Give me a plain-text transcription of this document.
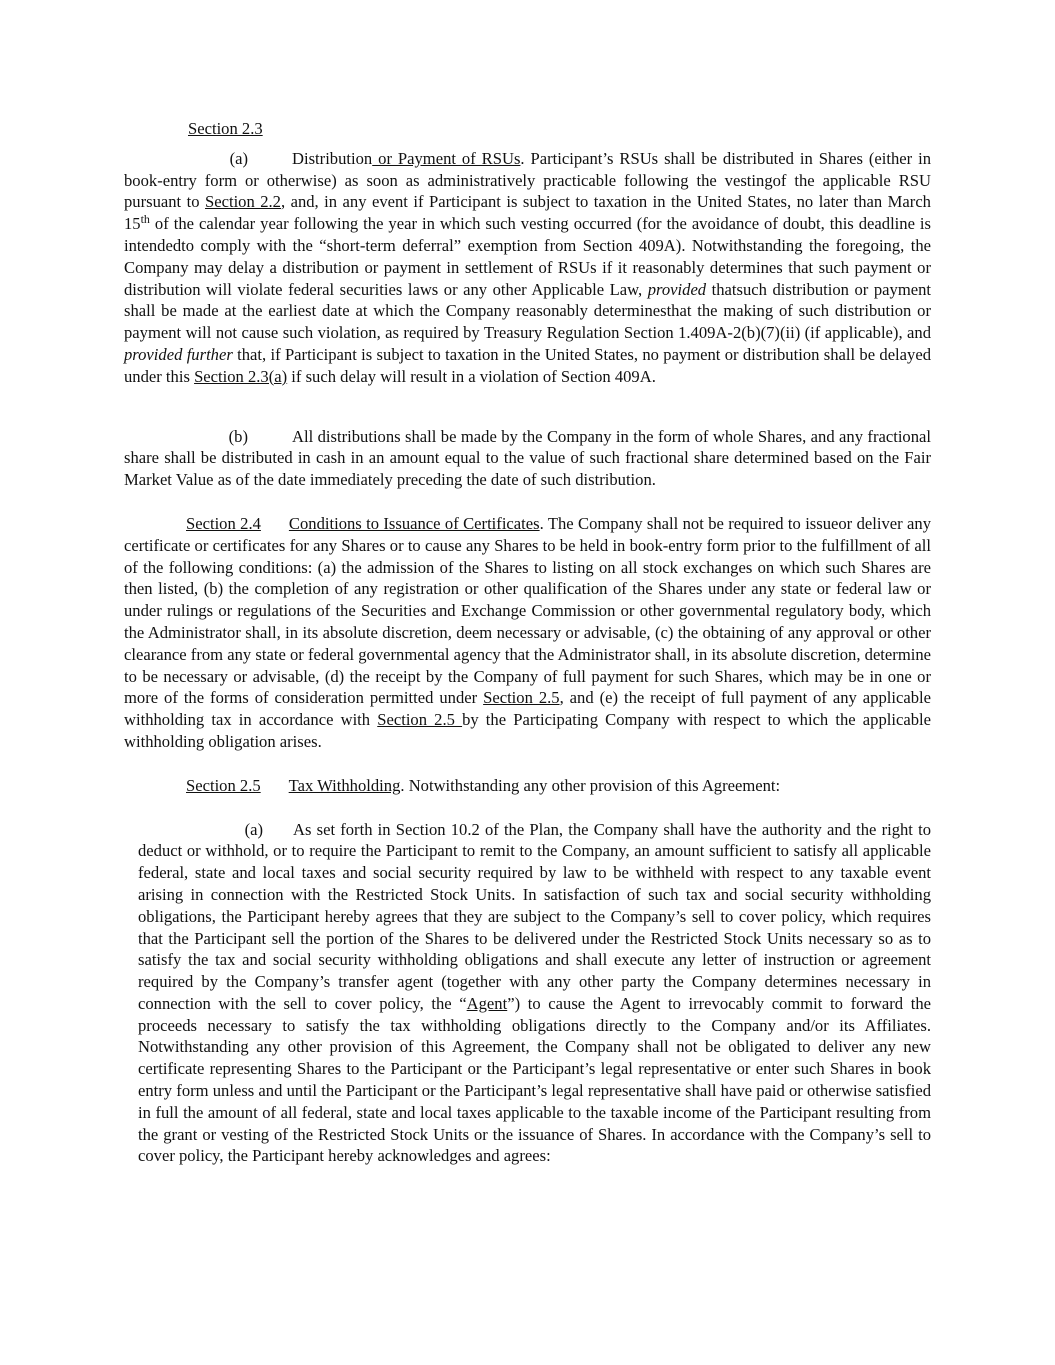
Section 2.3

(a)	Distribution or Payment of RSUs. Participant’s RSUs shall be distributed in Shares (either in book-entry form or otherwise) as soon as administratively practicable following the vestingof the applicable RSU pursuant to Section 2.2, and, in any event if Participant is subject to taxation in the United States, no later than March 15th of the calendar year following the year in which such vesting occurred (for the avoidance of doubt, this deadline is intendedto comply with the “short-term deferral” exemption from Section 409A). Notwithstanding the foregoing, the Company may delay a distribution or payment in settlement of RSUs if it reasonably determines that such payment or distribution will violate federal securities laws or any other Applicable Law, provided thatsuch distribution or payment shall be made at the earliest date at which the Company reasonably determinesthat the making of such distribution or payment will not cause such violation, as required by Treasury Regulation Section 1.409A-2(b)(7)(ii) (if applicable), and provided further that, if Participant is subject to taxation in the United States, no payment or distribution shall be delayed under this Section 2.3(a) if such delay will result in a violation of Section 409A.

(b)	All distributions shall be made by the Company in the form of whole Shares, and any fractional share shall be distributed in cash in an amount equal to the value of such fractional share determined based on the Fair Market Value as of the date immediately preceding the date of such distribution.

Section 2.4 Conditions to Issuance of Certificates. The Company shall not be required to issueor deliver any certificate or certificates for any Shares or to cause any Shares to be held in book-entry form prior to the fulfillment of all of the following conditions: (a) the admission of the Shares to listing on all stock exchanges on which such Shares are then listed, (b) the completion of any registration or other qualification of the Shares under any state or federal law or under rulings or regulations of the Securities and Exchange Commission or other governmental regulatory body, which the Administrator shall, in its absolute discretion, deem necessary or advisable, (c) the obtaining of any approval or other clearance from any state or federal governmental agency that the Administrator shall, in its absolute discretion, determine to be necessary or advisable, (d) the receipt by the Company of full payment for such Shares, which may be in one or more of the forms of consideration permitted under Section 2.5, and (e) the receipt of full payment of any applicable withholding tax in accordance with Section 2.5 by the Participating Company with respect to which the applicable withholding obligation arises.

Section 2.5 Tax Withholding. Notwithstanding any other provision of this Agreement:

(a) As set forth in Section 10.2 of the Plan, the Company shall have the authority and the right to deduct or withhold, or to require the Participant to remit to the Company, an amount sufficient to satisfy all applicable federal, state and local taxes and social security required by law to be withheld with respect to any taxable event arising in connection with the Restricted Stock Units. In satisfaction of such tax and social security withholding obligations, the Participant hereby agrees that they are subject to the Company’s sell to cover policy, which requires that the Participant sell the portion of the Shares to be delivered under the Restricted Stock Units necessary so as to satisfy the tax and social security withholding obligations and shall execute any letter of instruction or agreement required by the Company’s transfer agent (together with any other party the Company determines necessary in connection with the sell to cover policy, the “Agent”) to cause the Agent to irrevocably commit to forward the proceeds necessary to satisfy the tax withholding obligations directly to the Company and/or its Affiliates. Notwithstanding any other provision of this Agreement, the Company shall not be obligated to deliver any new certificate representing Shares to the Participant or the Participant’s legal representative or enter such Shares in book entry form unless and until the Participant or the Participant’s legal representative shall have paid or otherwise satisfied in full the amount of all federal, state and local taxes applicable to the taxable income of the Participant resulting from the grant or vesting of the Restricted Stock Units or the issuance of Shares. In accordance with the Company’s sell to cover policy, the Participant hereby acknowledges and agrees:
